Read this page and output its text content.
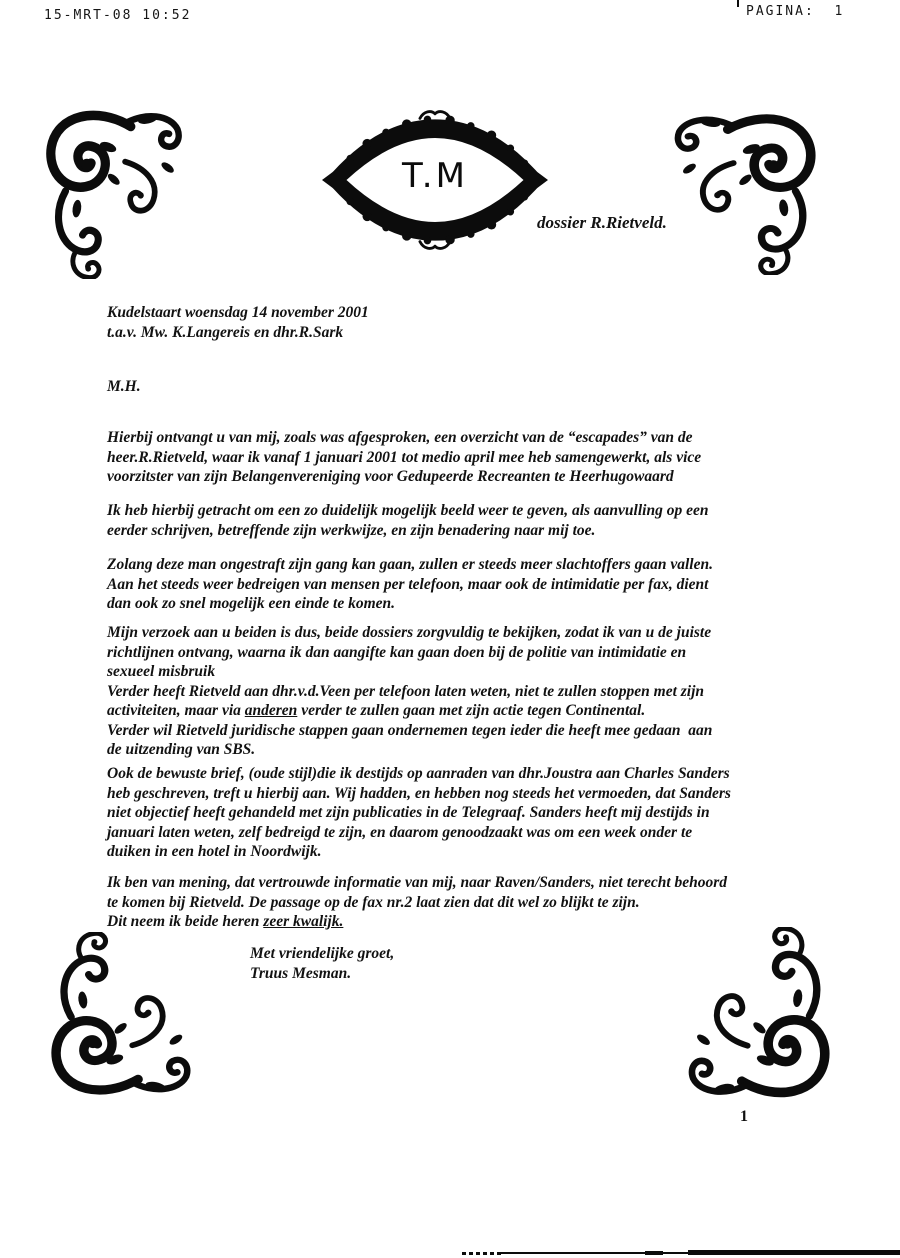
15-MRT-08 10:52	PAGINA:  1
T.M
dossier R.Rietveld.
Kudelstaart woensdag 14 november 2001
t.a.v. Mw. K.Langereis en dhr.R.Sark
M.H.
Hierbij ontvangt u van mij, zoals was afgesproken, een overzicht van de “escapades” van de
heer.R.Rietveld, waar ik vanaf 1 januari 2001 tot medio april mee heb samengewerkt, als vice
voorzitster van zijn Belangenvereniging voor Gedupeerde Recreanten te Heerhugowaard
Ik heb hierbij getracht om een zo duidelijk mogelijk beeld weer te geven, als aanvulling op een
eerder schrijven, betreffende zijn werkwijze, en zijn benadering naar mij toe.
Zolang deze man ongestraft zijn gang kan gaan, zullen er steeds meer slachtoffers gaan vallen.
Aan het steeds weer bedreigen van mensen per telefoon, maar ook de intimidatie per fax, dient
dan ook zo snel mogelijk een einde te komen.
Mijn verzoek aan u beiden is dus, beide dossiers zorgvuldig te bekijken, zodat ik van u de juiste
richtlijnen ontvang, waarna ik dan aangifte kan gaan doen bij de politie van intimidatie en
sexueel misbruik
Verder heeft Rietveld aan dhr.v.d.Veen per telefoon laten weten, niet te zullen stoppen met zijn
activiteiten, maar via anderen verder te zullen gaan met zijn actie tegen Continental.
Verder wil Rietveld juridische stappen gaan ondernemen tegen ieder die heeft mee gedaan  aan
de uitzending van SBS.
Ook de bewuste brief, (oude stijl)die ik destijds op aanraden van dhr.Joustra aan Charles Sanders
heb geschreven, treft u hierbij aan. Wij hadden, en hebben nog steeds het vermoeden, dat Sanders
niet objectief heeft gehandeld met zijn publicaties in de Telegraaf. Sanders heeft mij destijds in
januari laten weten, zelf bedreigd te zijn, en daarom genoodzaakt was om een week onder te
duiken in een hotel in Noordwijk.
Ik ben van mening, dat vertrouwde informatie van mij, naar Raven/Sanders, niet terecht behoord
te komen bij Rietveld. De passage op de fax nr.2 laat zien dat dit wel zo blijkt te zijn.
Dit neem ik beide heren zeer kwalijk.
Met vriendelijke groet,
Truus Mesman.
1
